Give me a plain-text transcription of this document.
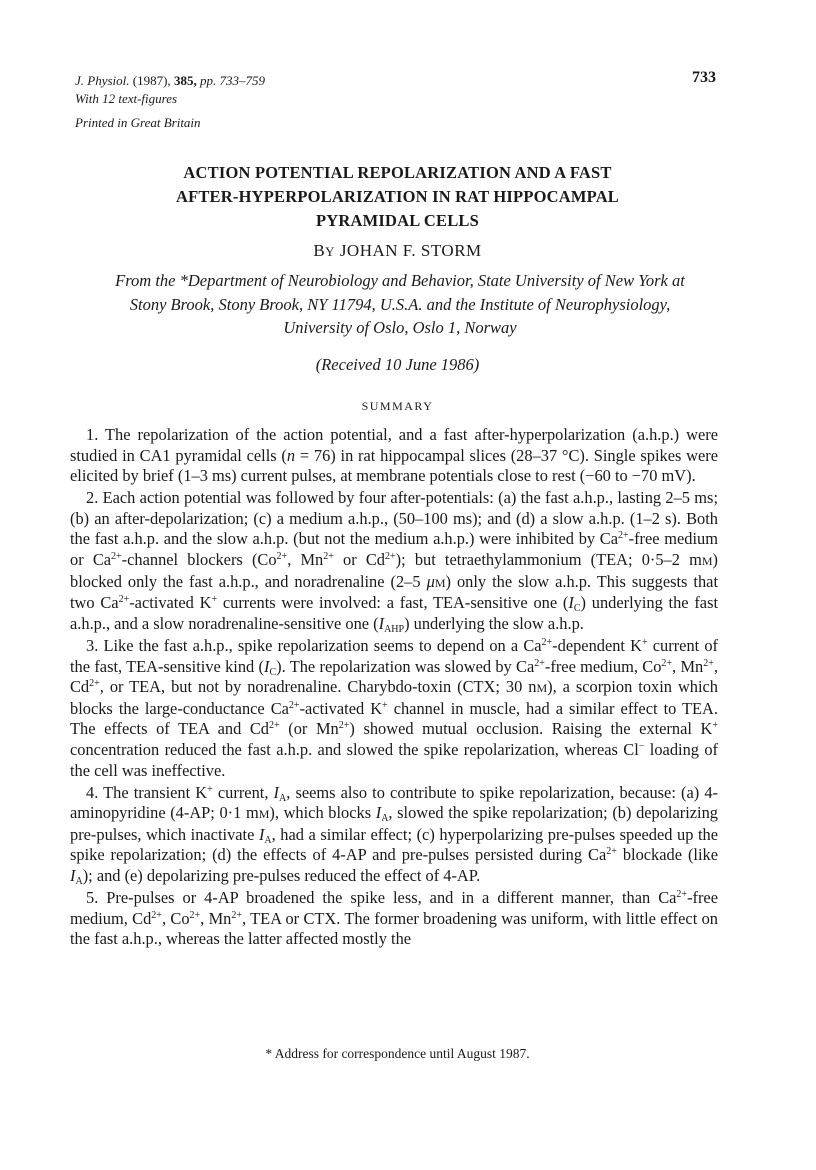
J. Physiol. (1987), 385, pp. 733–759
With 12 text-figures
Printed in Great Britain
733
ACTION POTENTIAL REPOLARIZATION AND A FAST
AFTER-HYPERPOLARIZATION IN RAT HIPPOCAMPAL
PYRAMIDAL CELLS
BY JOHAN F. STORM
From the *Department of Neurobiology and Behavior, State University of New York at
Stony Brook, Stony Brook, NY 11794, U.S.A. and the Institute of Neurophysiology,
University of Oslo, Oslo 1, Norway
(Received 10 June 1986)
SUMMARY

1. The repolarization of the action potential, and a fast after-hyperpolarization (a.h.p.) were studied in CA1 pyramidal cells (n = 76) in rat hippocampal slices (28–37 °C). Single spikes were elicited by brief (1–3 ms) current pulses, at membrane potentials close to rest (−60 to −70 mV).

2. Each action potential was followed by four after-potentials: (a) the fast a.h.p., lasting 2–5 ms; (b) an after-depolarization; (c) a medium a.h.p., (50–100 ms); and (d) a slow a.h.p. (1–2 s). Both the fast a.h.p. and the slow a.h.p. (but not the medium a.h.p.) were inhibited by $Ca^{2+}$-free medium or $Ca^{2+}$-channel blockers ($Co^{2+}$, $Mn^{2+}$ or $Cd^{2+}$); but tetraethylammonium (TEA; 0·5–2 mM) blocked only the fast a.h.p., and noradrenaline (2–5 μM) only the slow a.h.p. This suggests that two $Ca^{2+}$-activated K+ currents were involved: a fast, TEA-sensitive one $(I_C)$ underlying the fast a.h.p., and a slow noradrenaline-sensitive one $(I_{AHP})$ underlying the slow a.h.p.

3. Like the fast a.h.p., spike repolarization seems to depend on a $Ca^{2+}$-dependent K+ current of the fast, TEA-sensitive kind $(I_C)$. The repolarization was slowed by $Ca^{2+}$-free medium, $Co^{2+}$, $Mn^{2+}$, $Cd^{2+}$, or TEA, but not by noradrenaline. Charybdo-toxin (CTX; 30 nM), a scorpion toxin which blocks the large-conductance $Ca^{2+}$-activated K+ channel in muscle, had a similar effect to TEA. The effects of TEA and $Cd^{2+}$ (or $Mn^{2+}$) showed mutual occlusion. Raising the external K+ concentration reduced the fast a.h.p. and slowed the spike repolarization, whereas Cl− loading of the cell was ineffective.

4. The transient K+ current, $I_A$, seems also to contribute to spike repolarization, because: (a) 4-aminopyridine (4-AP; 0·1 mM), which blocks $I_A$, slowed the spike repolarization; (b) depolarizing pre-pulses, which inactivate $I_A$, had a similar effect; (c) hyperpolarizing pre-pulses speeded up the spike repolarization; (d) the effects of 4-AP and pre-pulses persisted during $Ca^{2+}$ blockade (like $I_A$); and (e) depolarizing pre-pulses reduced the effect of 4-AP.

5. Pre-pulses or 4-AP broadened the spike less, and in a different manner, than $Ca^{2+}$-free medium, $Cd^{2+}$, $Co^{2+}$, $Mn^{2+}$, TEA or CTX. The former broadening was uniform, with little effect on the fast a.h.p., whereas the latter affected mostly the

* Address for correspondence until August 1987.
